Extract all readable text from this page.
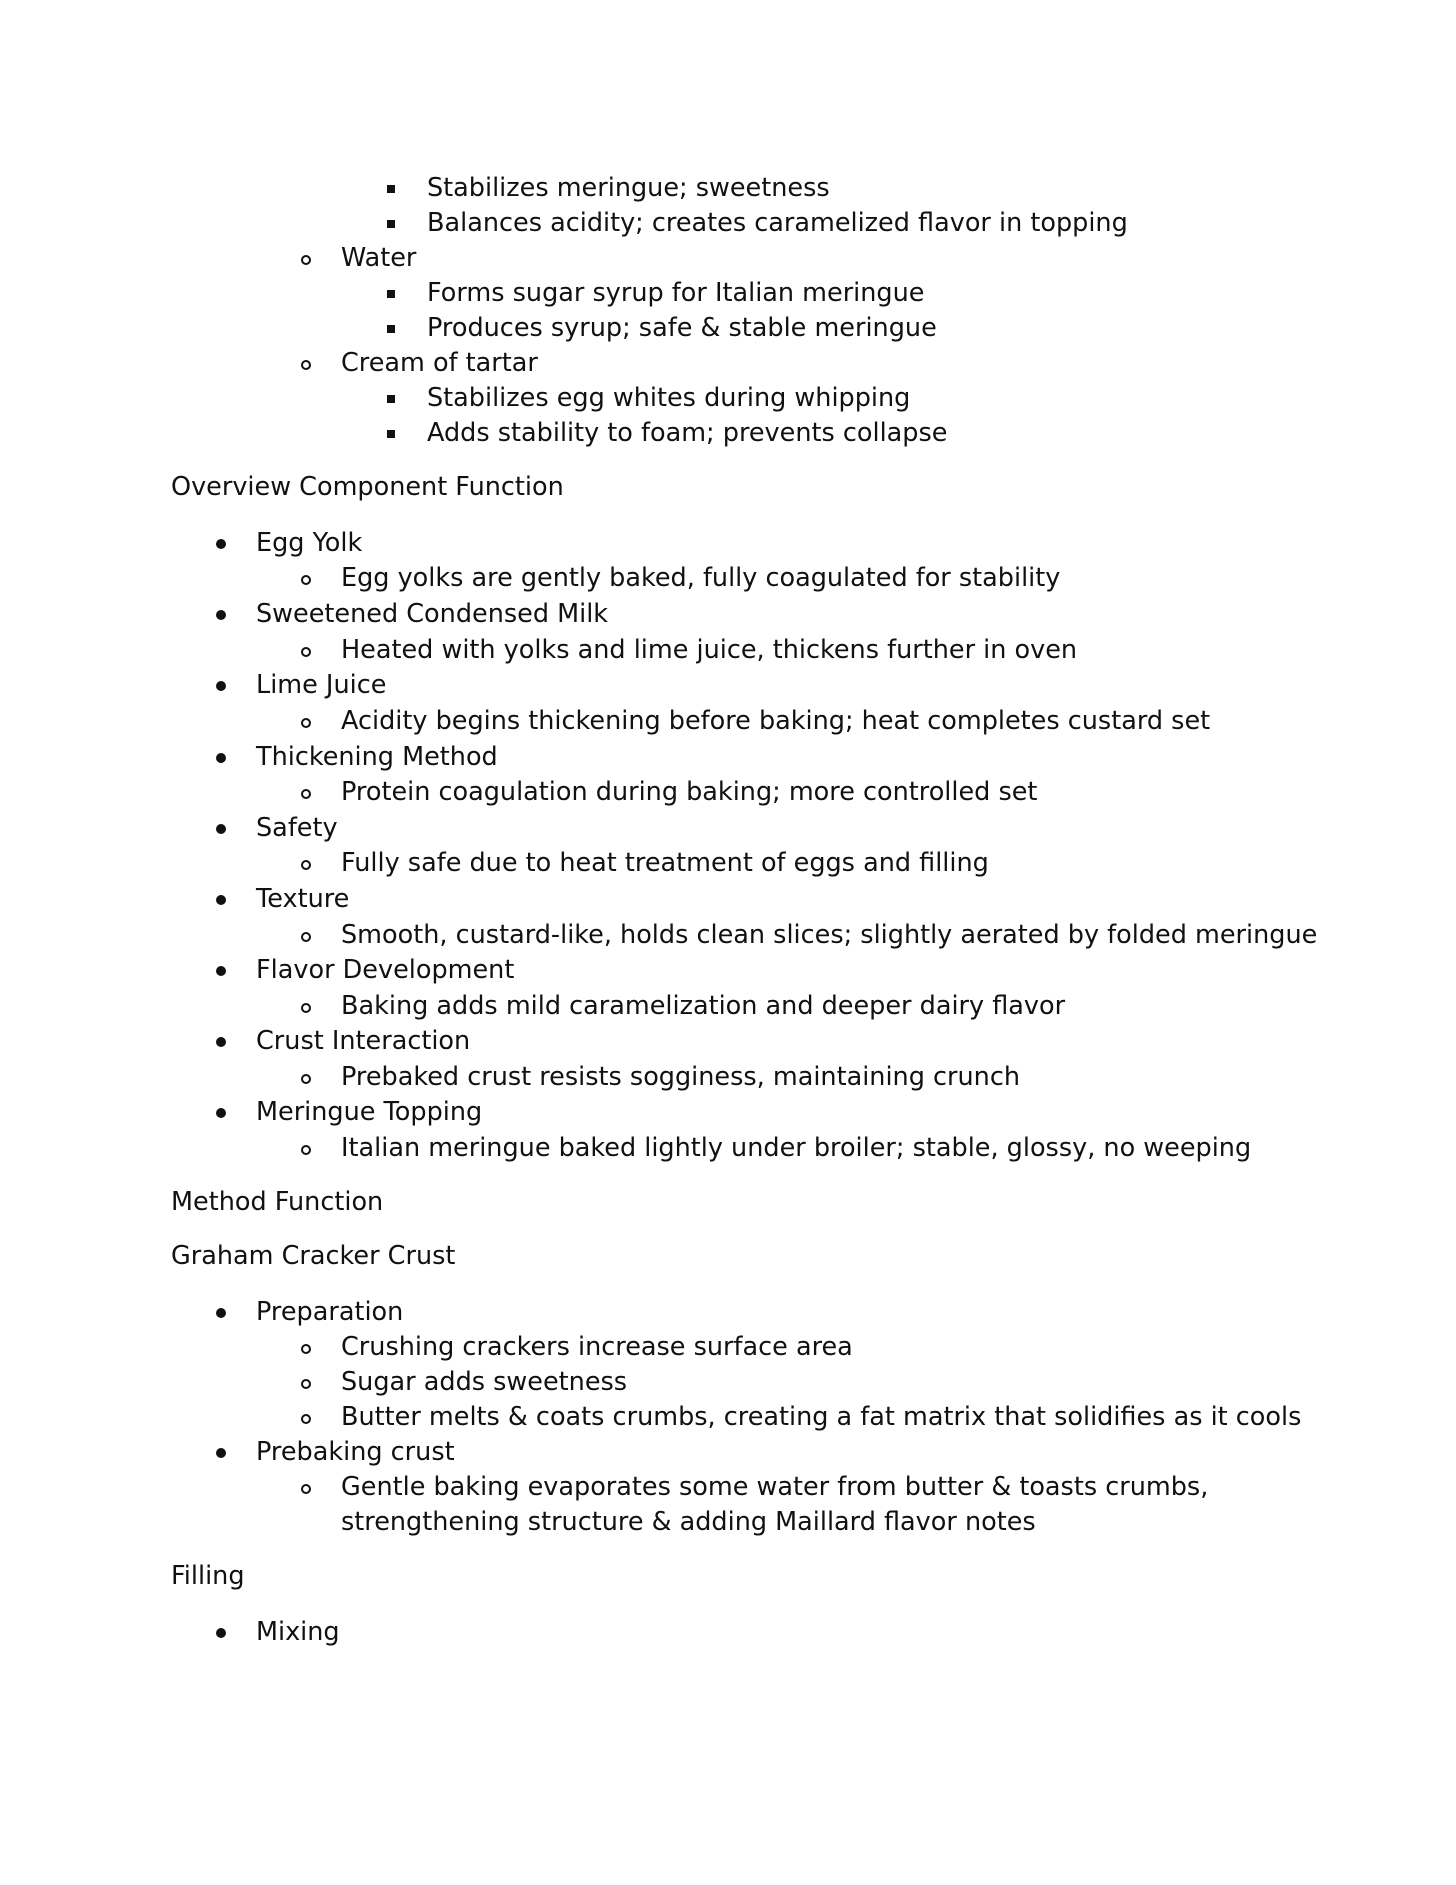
Stabilizes meringue; sweetness
Balances acidity; creates caramelized flavor in topping
Water
Forms sugar syrup for Italian meringue
Produces syrup; safe & stable meringue
Cream of tartar
Stabilizes egg whites during whipping
Adds stability to foam; prevents collapse
Overview Component Function
Egg Yolk
Egg yolks are gently baked, fully coagulated for stability
Sweetened Condensed Milk
Heated with yolks and lime juice, thickens further in oven
Lime Juice
Acidity begins thickening before baking; heat completes custard set
Thickening Method
Protein coagulation during baking; more controlled set
Safety
Fully safe due to heat treatment of eggs and filling
Texture
Smooth, custard-like, holds clean slices; slightly aerated by folded meringue
Flavor Development
Baking adds mild caramelization and deeper dairy flavor
Crust Interaction
Prebaked crust resists sogginess, maintaining crunch
Meringue Topping
Italian meringue baked lightly under broiler; stable, glossy, no weeping
Method Function
Graham Cracker Crust
Preparation
Crushing crackers increase surface area
Sugar adds sweetness
Butter melts & coats crumbs, creating a fat matrix that solidifies as it cools
Prebaking crust
Gentle baking evaporates some water from butter & toasts crumbs,
strengthening structure & adding Maillard flavor notes
Filling
Mixing
